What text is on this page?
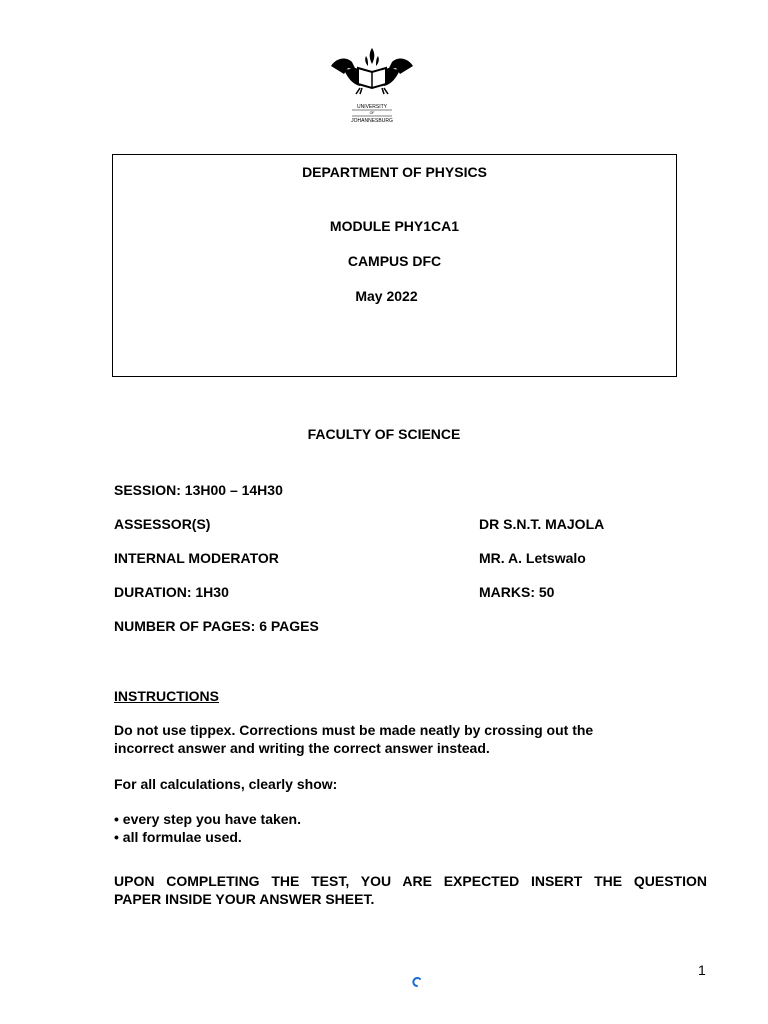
UNIVERSITY
OF
JOHANNESBURG
DEPARTMENT OF PHYSICS
MODULE PHY1CA1
CAMPUS DFC
May 2022
FACULTY OF SCIENCE
SESSION: 13H00 – 14H30
ASSESSOR(S)	DR S.N.T. MAJOLA
INTERNAL MODERATOR	MR. A. Letswalo
DURATION: 1H30	MARKS: 50
NUMBER OF PAGES: 6 PAGES
INSTRUCTIONS
Do not use tippex. Corrections must be made neatly by crossing out the
incorrect answer and writing the correct answer instead.
For all calculations, clearly show:
• every step you have taken.
• all formulae used.
UPON COMPLETING THE TEST, YOU ARE EXPECTED INSERT THE QUESTION
PAPER INSIDE YOUR ANSWER SHEET.
1
